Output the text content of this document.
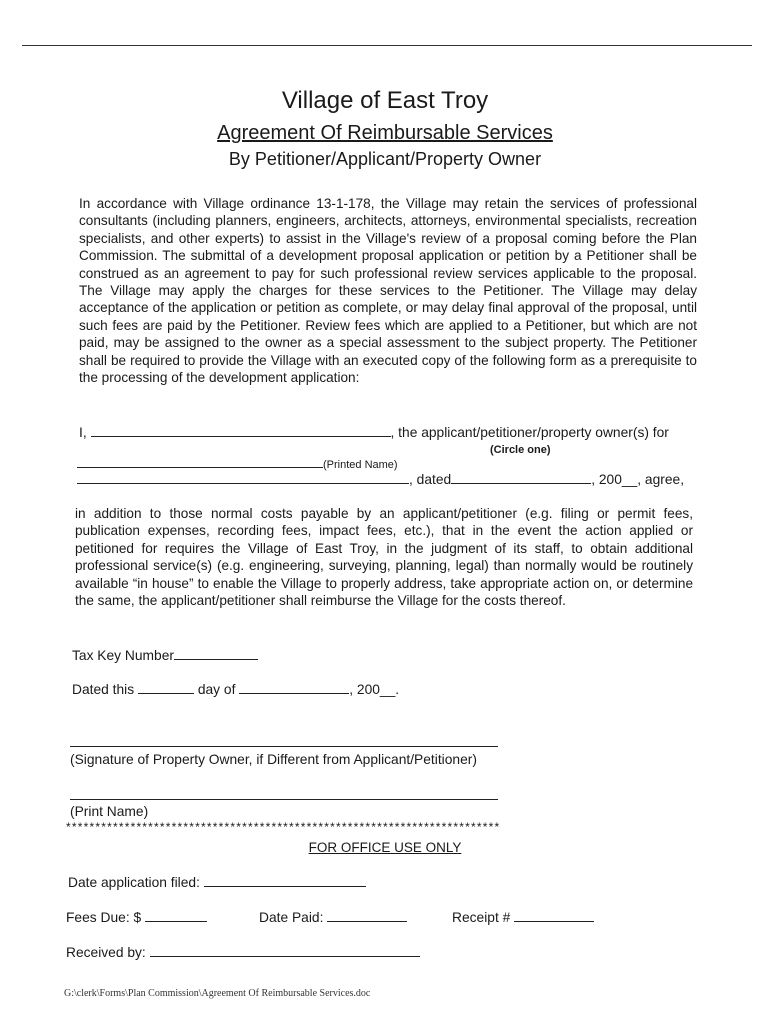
Village of East Troy
Agreement Of Reimbursable Services
By Petitioner/Applicant/Property Owner
In accordance with Village ordinance 13-1-178, the Village may retain the services of professional consultants (including planners, engineers, architects, attorneys, environmental specialists, recreation specialists, and other experts) to assist in the Village's review of a proposal coming before the Plan Commission. The submittal of a development proposal application or petition by a Petitioner shall be construed as an agreement to pay for such professional review services applicable to the proposal. The Village may apply the charges for these services to the Petitioner. The Village may delay acceptance of the application or petition as complete, or may delay final approval of the proposal, until such fees are paid by the Petitioner. Review fees which are applied to a Petitioner, but which are not paid, may be assigned to the owner as a special assessment to the subject property. The Petitioner shall be required to provide the Village with an executed copy of the following form as a prerequisite to the processing of the development application:
I,	, the applicant/petitioner/property owner(s) for
(Circle one)
(Printed Name)
, dated	, 200__, agree,
in addition to those normal costs payable by an applicant/petitioner (e.g. filing or permit fees, publication expenses, recording fees, impact fees, etc.), that in the event the action applied or petitioned for requires the Village of East Troy, in the judgment of its staff, to obtain additional professional service(s) (e.g. engineering, surveying, planning, legal) than normally would be routinely available “in house” to enable the Village to properly address, take appropriate action on, or determine the same, the applicant/petitioner shall reimburse the Village for the costs thereof.
Tax Key Number
Dated this	day of	, 200__.
(Signature of Property Owner, if Different from Applicant/Petitioner)
(Print Name)
**************************************************************************
FOR OFFICE USE ONLY
Date application filed:
Fees Due: $	Date Paid:	Receipt #
Received by:
G:\clerk\Forms\Plan Commission\Agreement Of Reimbursable Services.doc
